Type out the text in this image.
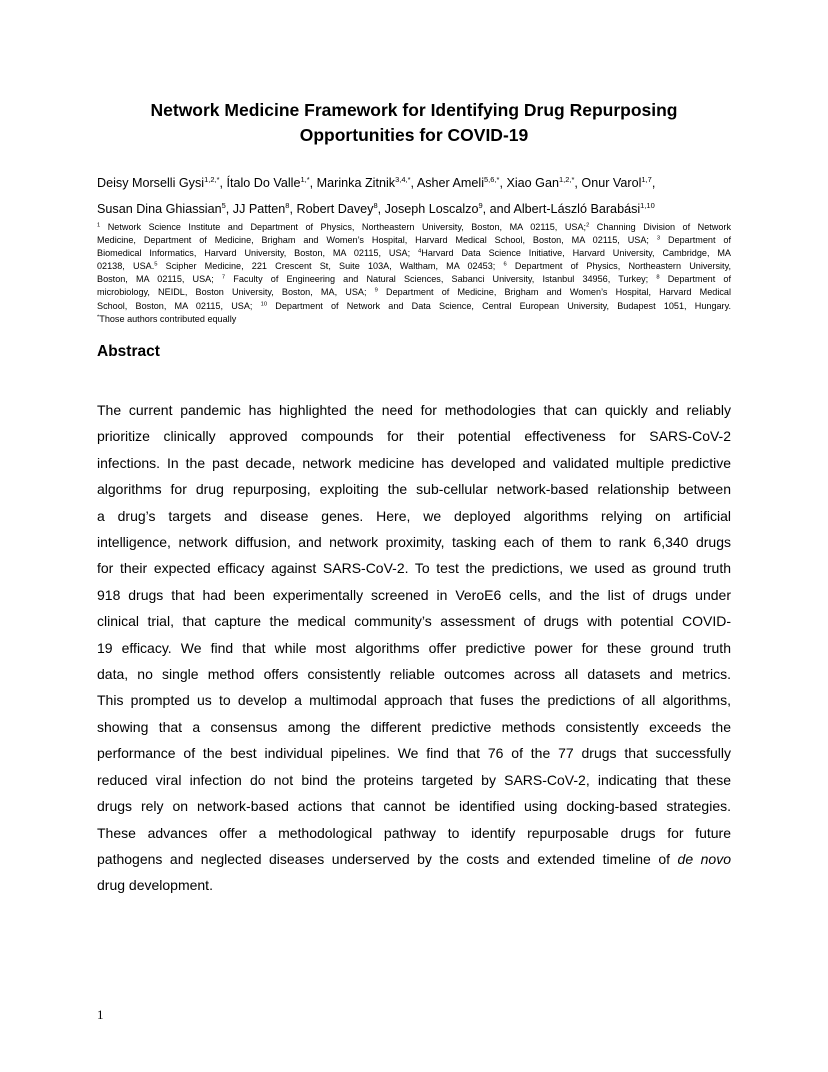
Network Medicine Framework for Identifying Drug Repurposing
Opportunities for COVID-19
Deisy Morselli Gysi$^{1,2,*}$, Ítalo Do Valle$^{1,*}$, Marinka Zitnik$^{3,4,*}$, Asher Ameli$^{5,6,*}$, Xiao Gan$^{1,2,*}$, Onur Varol$^{1,7}$,
Susan Dina Ghiassian$^5$, JJ Patten$^8$, Robert Davey$^8$, Joseph Loscalzo$^9$, and Albert-László Barabási$^{1,10}$
$^1$ Network Science Institute and Department of Physics, Northeastern University, Boston, MA 02115, USA;$^2$ Channing Division of Network
Medicine, Department of Medicine, Brigham and Women’s Hospital, Harvard Medical School, Boston, MA 02115, USA; $^3$ Department of
Biomedical Informatics, Harvard University, Boston, MA 02115, USA; $^4$Harvard Data Science Initiative, Harvard University, Cambridge, MA
02138, USA.$^5$ Scipher Medicine, 221 Crescent St, Suite 103A, Waltham, MA 02453; $^6$ Department of Physics, Northeastern University,
Boston, MA 02115, USA; $^7$ Faculty of Engineering and Natural Sciences, Sabanci University, Istanbul 34956, Turkey; $^8$ Department of
microbiology, NEIDL, Boston University, Boston, MA, USA; $^9$ Department of Medicine, Brigham and Women’s Hospital, Harvard Medical
School, Boston, MA 02115, USA; $^{10}$ Department of Network and Data Science, Central European University, Budapest 1051, Hungary.
*Those authors contributed equally
Abstract
The current pandemic has highlighted the need for methodologies that can quickly and reliably
prioritize clinically approved compounds for their potential effectiveness for SARS-CoV-2
infections. In the past decade, network medicine has developed and validated multiple predictive
algorithms for drug repurposing, exploiting the sub-cellular network-based relationship between
a drug’s targets and disease genes. Here, we deployed algorithms relying on artificial
intelligence, network diffusion, and network proximity, tasking each of them to rank 6,340 drugs
for their expected efficacy against SARS-CoV-2. To test the predictions, we used as ground truth
918 drugs that had been experimentally screened in VeroE6 cells, and the list of drugs under
clinical trial, that capture the medical community’s assessment of drugs with potential COVID-
19 efficacy. We find that while most algorithms offer predictive power for these ground truth
data, no single method offers consistently reliable outcomes across all datasets and metrics.
This prompted us to develop a multimodal approach that fuses the predictions of all algorithms,
showing that a consensus among the different predictive methods consistently exceeds the
performance of the best individual pipelines. We find that 76 of the 77 drugs that successfully
reduced viral infection do not bind the proteins targeted by SARS-CoV-2, indicating that these
drugs rely on network-based actions that cannot be identified using docking-based strategies.
These advances offer a methodological pathway to identify repurposable drugs for future
pathogens and neglected diseases underserved by the costs and extended timeline of de novo
drug development.
1
